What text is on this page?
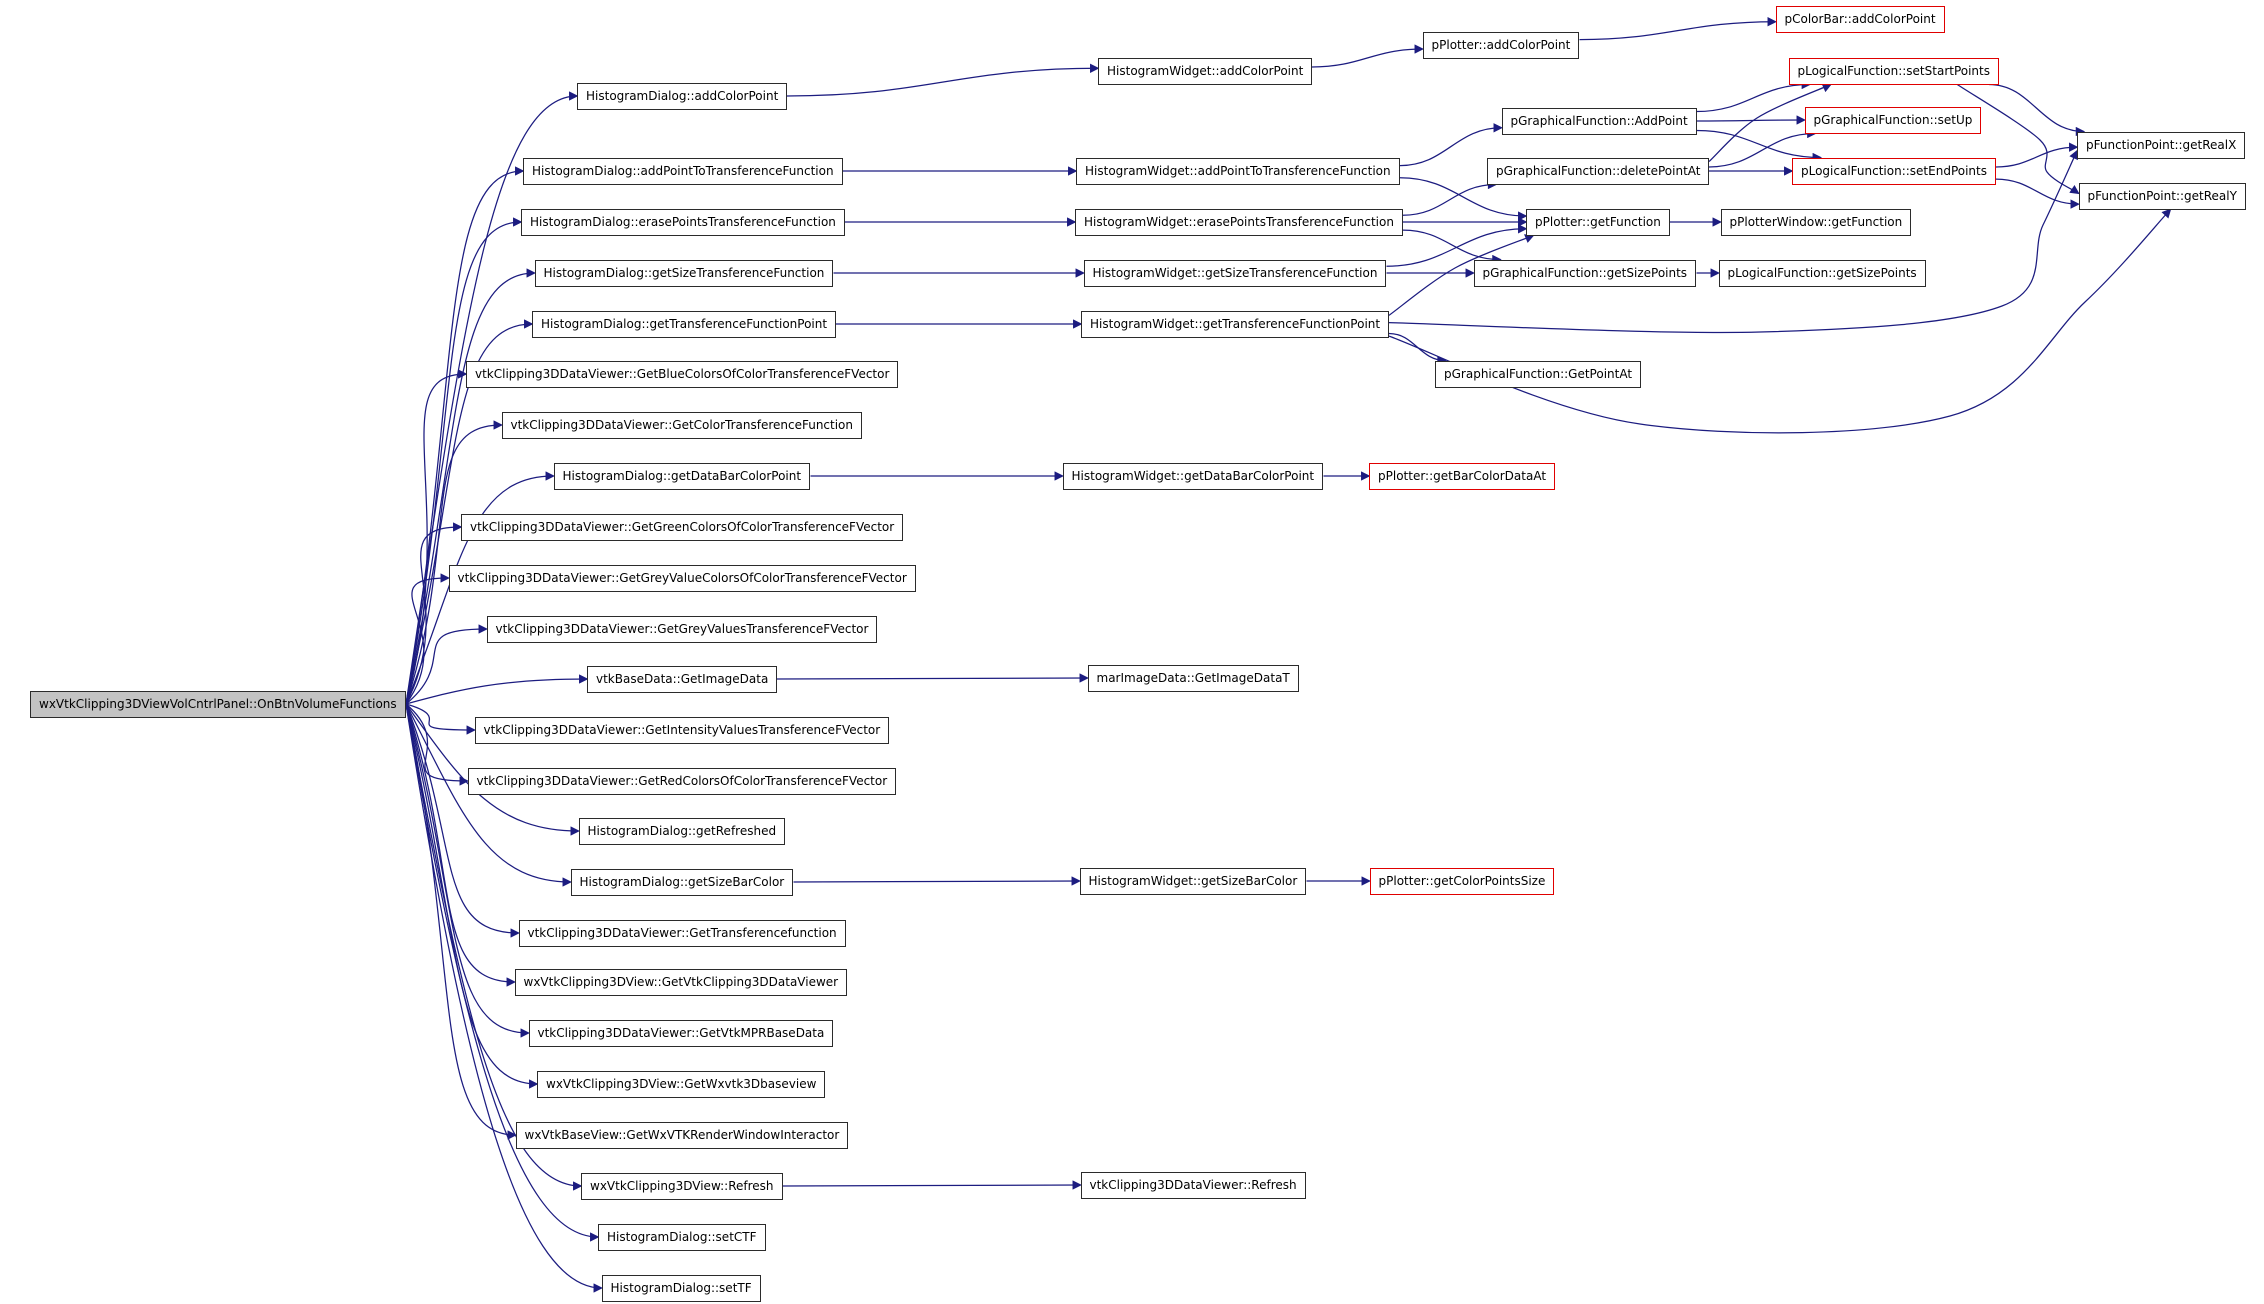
wxVtkClipping3DViewVolCntrlPanel::OnBtnVolumeFunctions
HistogramDialog::addColorPoint
HistogramDialog::addPointToTransferenceFunction
HistogramDialog::erasePointsTransferenceFunction
HistogramDialog::getSizeTransferenceFunction
HistogramDialog::getTransferenceFunctionPoint
vtkClipping3DDataViewer::GetBlueColorsOfColorTransferenceFVector
vtkClipping3DDataViewer::GetColorTransferenceFunction
HistogramDialog::getDataBarColorPoint
vtkClipping3DDataViewer::GetGreenColorsOfColorTransferenceFVector
vtkClipping3DDataViewer::GetGreyValueColorsOfColorTransferenceFVector
vtkClipping3DDataViewer::GetGreyValuesTransferenceFVector
vtkBaseData::GetImageData
vtkClipping3DDataViewer::GetIntensityValuesTransferenceFVector
vtkClipping3DDataViewer::GetRedColorsOfColorTransferenceFVector
HistogramDialog::getRefreshed
HistogramDialog::getSizeBarColor
vtkClipping3DDataViewer::GetTransferencefunction
wxVtkClipping3DView::GetVtkClipping3DDataViewer
vtkClipping3DDataViewer::GetVtkMPRBaseData
wxVtkClipping3DView::GetWxvtk3Dbaseview
wxVtkBaseView::GetWxVTKRenderWindowInteractor
wxVtkClipping3DView::Refresh
HistogramDialog::setCTF
HistogramDialog::setTF
HistogramWidget::addColorPoint
HistogramWidget::addPointToTransferenceFunction
HistogramWidget::erasePointsTransferenceFunction
HistogramWidget::getSizeTransferenceFunction
HistogramWidget::getTransferenceFunctionPoint
HistogramWidget::getDataBarColorPoint
marImageData::GetImageDataT
HistogramWidget::getSizeBarColor
vtkClipping3DDataViewer::Refresh
pPlotter::addColorPoint
pGraphicalFunction::AddPoint
pGraphicalFunction::deletePointAt
pPlotter::getFunction
pGraphicalFunction::getSizePoints
pGraphicalFunction::GetPointAt
pPlotter::getBarColorDataAt
pPlotter::getColorPointsSize
pColorBar::addColorPoint
pLogicalFunction::setStartPoints
pGraphicalFunction::setUp
pLogicalFunction::setEndPoints
pPlotterWindow::getFunction
pLogicalFunction::getSizePoints
pFunctionPoint::getRealX
pFunctionPoint::getRealY
